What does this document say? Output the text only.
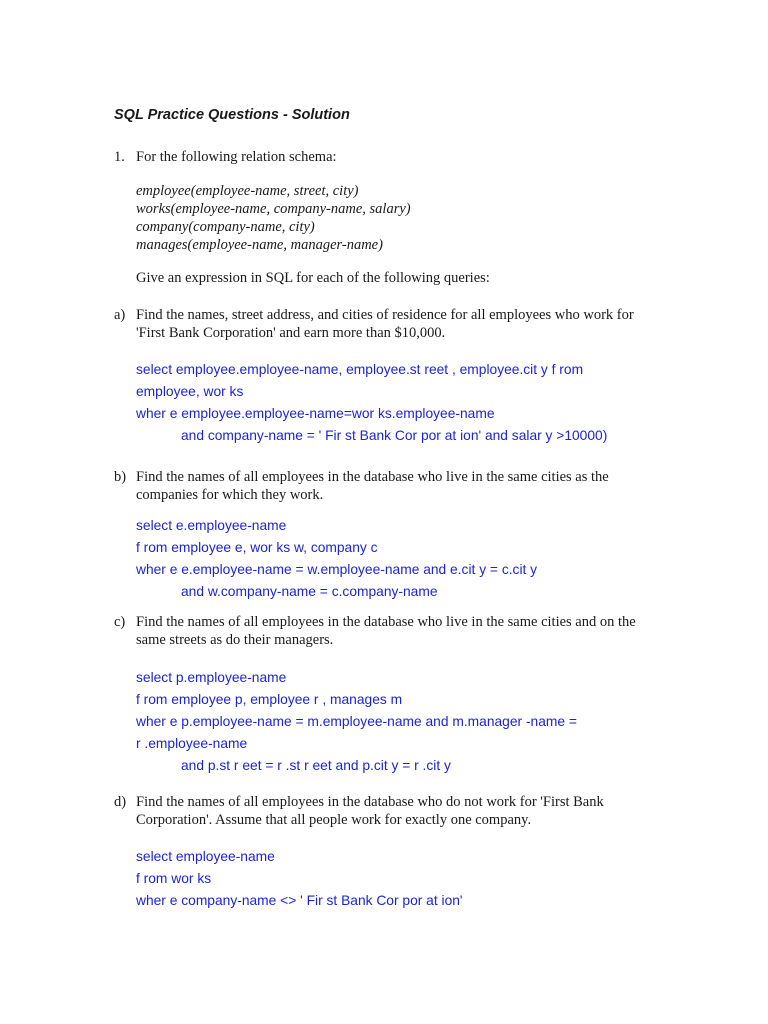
SQL Practice Questions - Solution
1. For the following relation schema:
employee(employee-name, street, city)
works(employee-name, company-name, salary)
company(company-name, city)
manages(employee-name, manager-name)
Give an expression in SQL for each of the following queries:
a) Find the names, street address, and cities of residence for all employees who work for
'First Bank Corporation' and earn more than $10,000.
select employee.employee-name, employee.st reet , employee.cit y f rom
employee, wor ks
wher e employee.employee-name=wor ks.employee-name
and company-name = ' Fir st Bank Cor por at ion' and salar y >10000)
b) Find the names of all employees in the database who live in the same cities as the
companies for which they work.
select e.employee-name
f rom employee e, wor ks w, company c
wher e e.employee-name = w.employee-name and e.cit y = c.cit y
and w.company-name = c.company-name
c) Find the names of all employees in the database who live in the same cities and on the
same streets as do their managers.
select p.employee-name
f rom employee p, employee r , manages m
wher e p.employee-name = m.employee-name and m.manager -name =
r .employee-name
and p.st r eet = r .st r eet and p.cit y = r .cit y
d) Find the names of all employees in the database who do not work for 'First Bank
Corporation'. Assume that all people work for exactly one company.
select employee-name
f rom wor ks
wher e company-name <> ' Fir st Bank Cor por at ion'
